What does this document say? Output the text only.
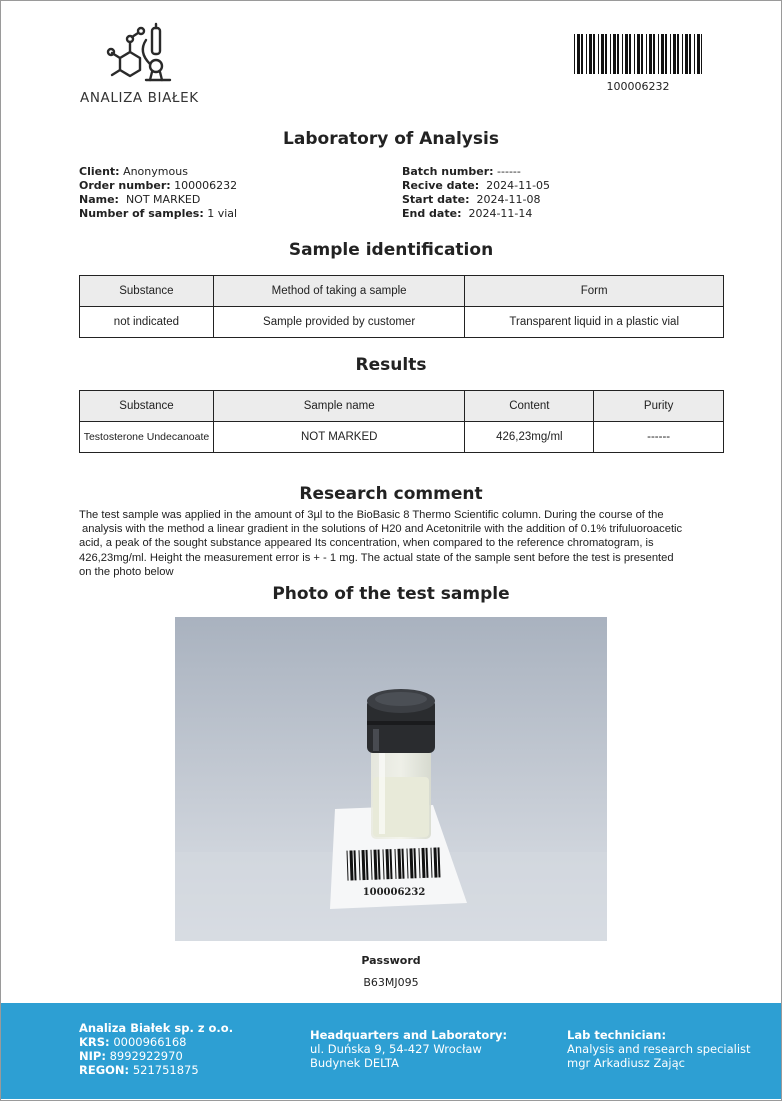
ANALIZA BIAŁEK
100006232
Laboratory of Analysis
Client: Anonymous
Order number: 100006232
Name: NOT MARKED
Number of samples: 1 vial
Batch number: ------
Recive date: 2024-11-05
Start date: 2024-11-08
End date: 2024-11-14
Sample identification
Substance	Method of taking a sample	Form
not indicated	Sample provided by customer	Transparent liquid in a plastic vial
Results
Substance	Sample name	Content	Purity
Testosterone Undecanoate	NOT MARKED	426,23mg/ml	------
Research comment
The test sample was applied in the amount of 3µl to the BioBasic 8 Thermo Scientific column. During the course of the
analysis with the method a linear gradient in the solutions of H20 and Acetonitrile with the addition of 0.1% trifuluoroacetic
acid, a peak of the sought substance appeared Its concentration, when compared to the reference chromatogram, is
426,23mg/ml. Height the measurement error is + - 1 mg. The actual state of the sample sent before the test is presented
on the photo below
Photo of the test sample
100006232
Password
B63MJ095
Analiza Białek sp. z o.o.
KRS: 0000966168
NIP: 8992922970
REGON: 521751875
Headquarters and Laboratory:
ul. Duńska 9, 54-427 Wrocław
Budynek DELTA
Lab technician:
Analysis and research specialist
mgr Arkadiusz Zając
